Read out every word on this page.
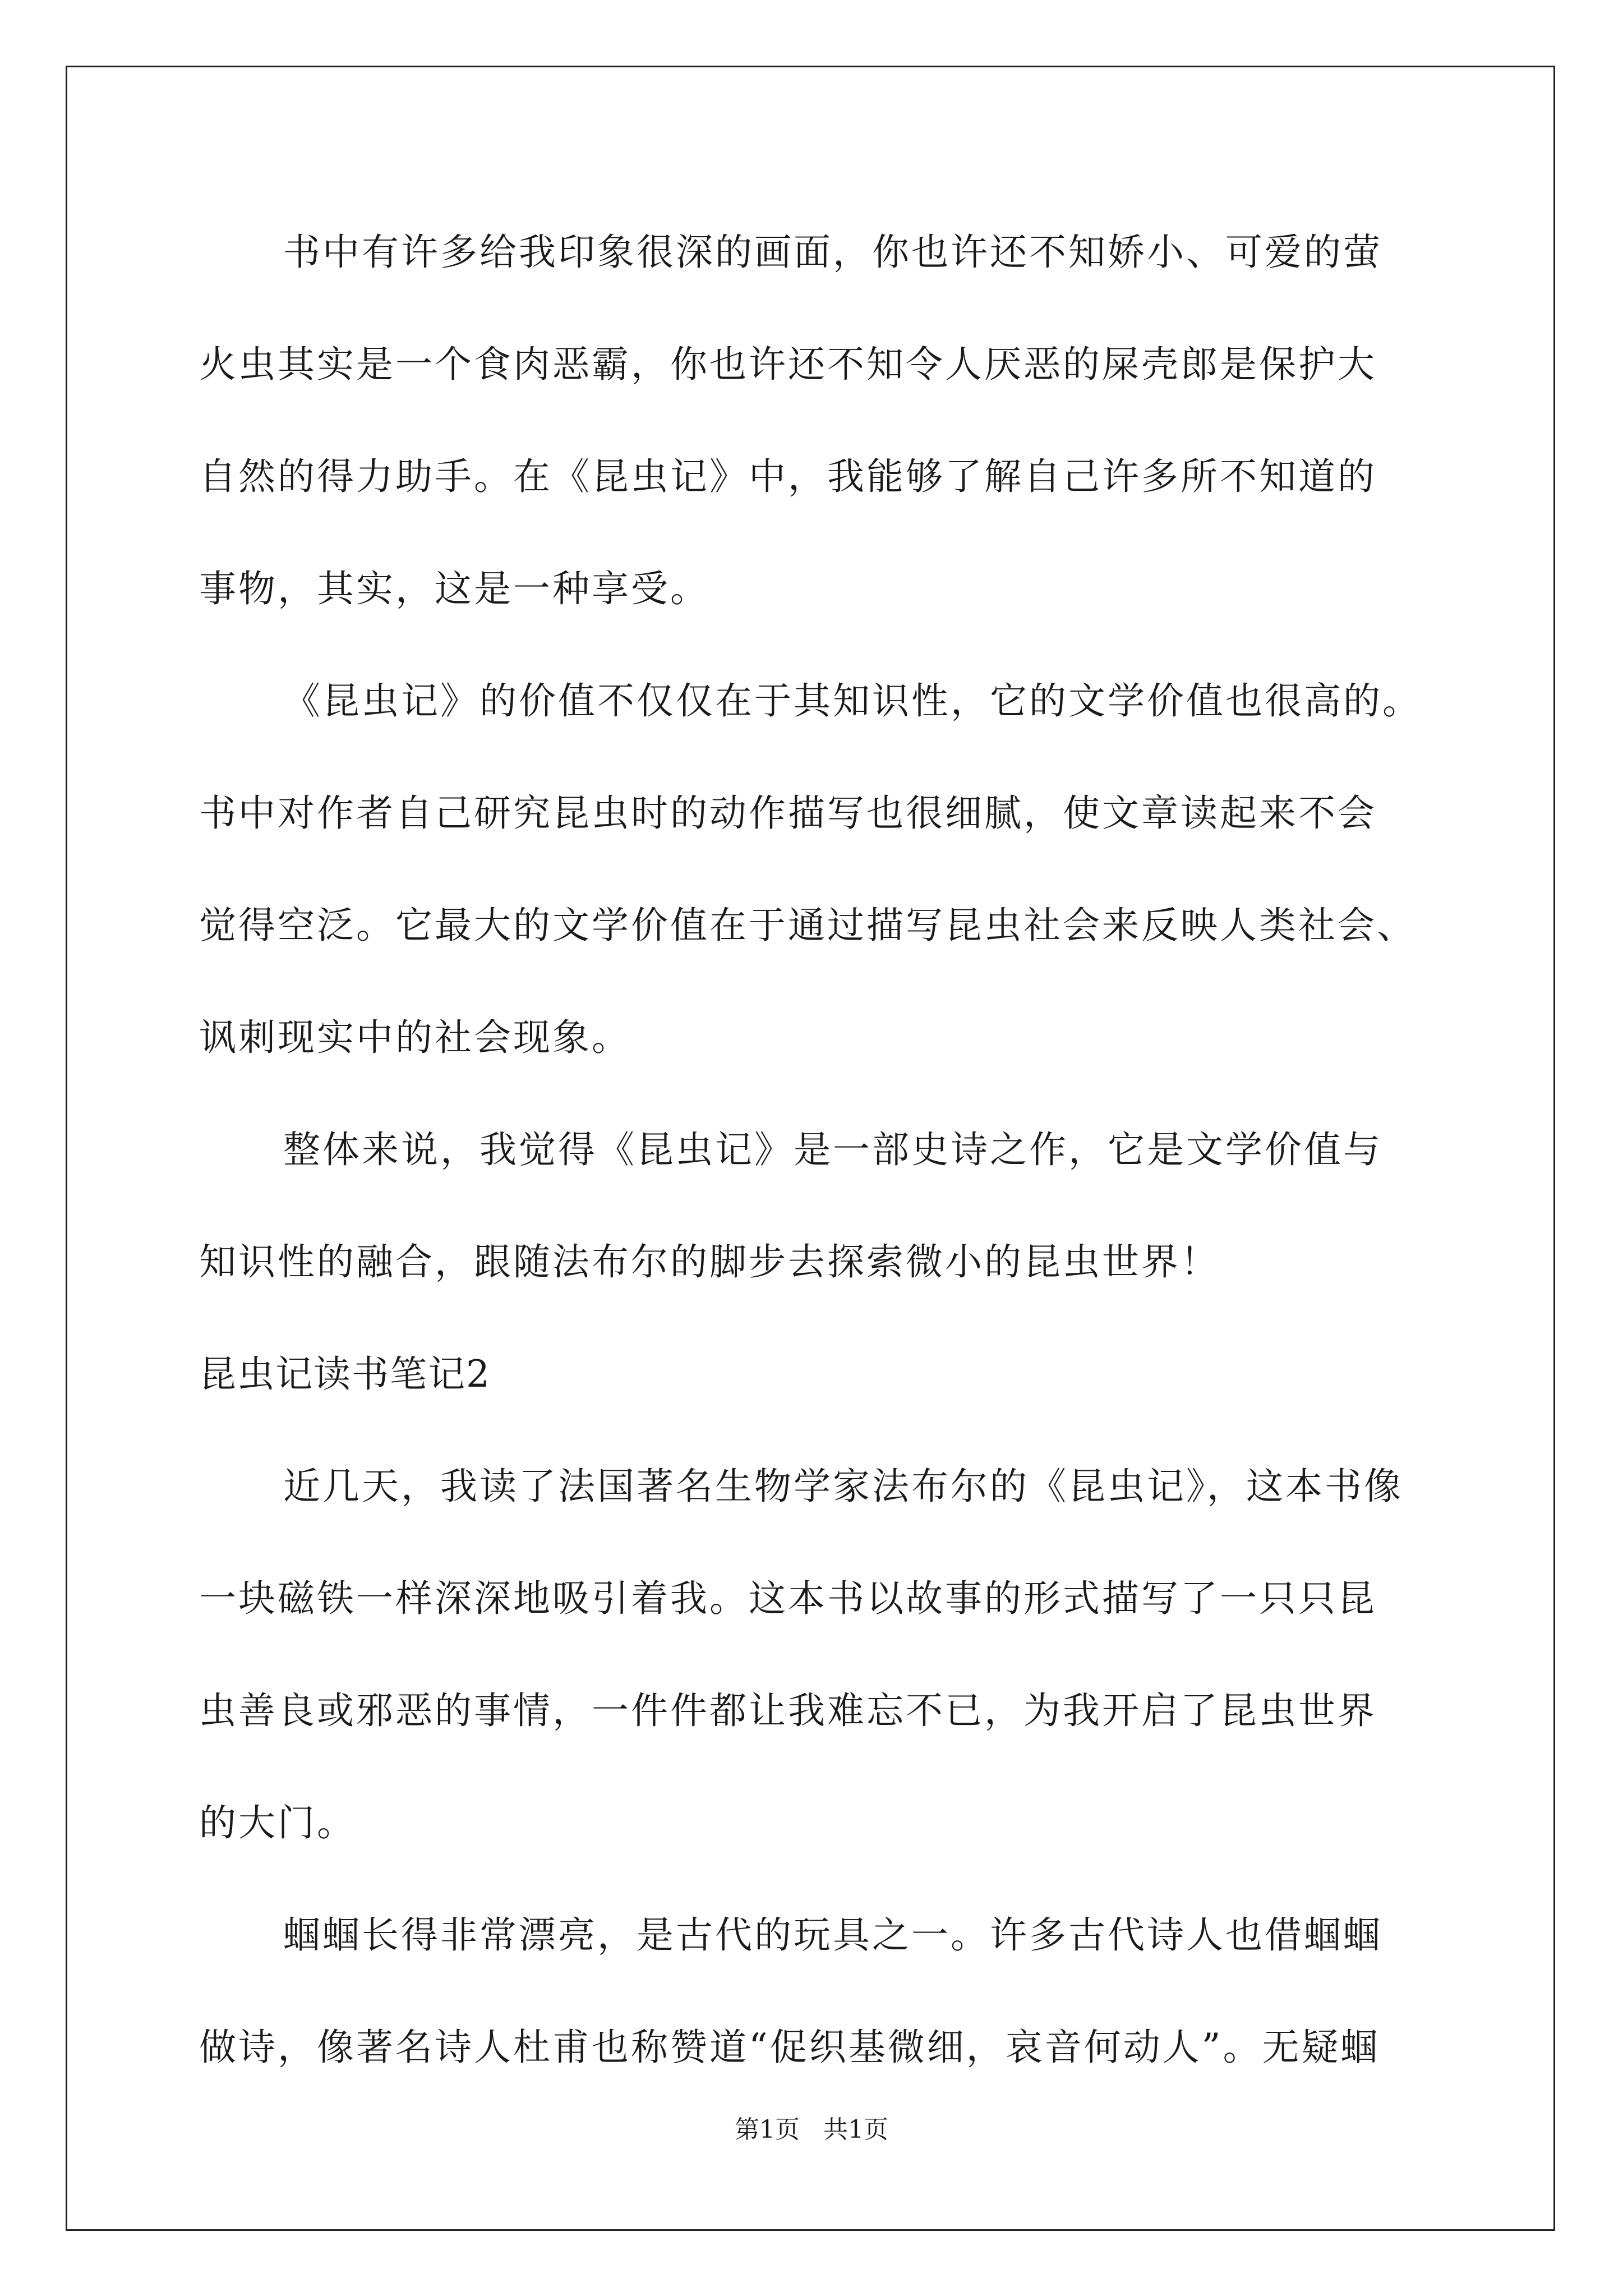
书中有许多给我印象很深的画面，你也许还不知娇小、可爱的萤
火虫其实是一个食肉恶霸，你也许还不知令人厌恶的屎壳郎是保护大
自然的得力助手。在《昆虫记》中，我能够了解自己许多所不知道的
事物，其实，这是一种享受。
《昆虫记》的价值不仅仅在于其知识性，它的文学价值也很高的。
书中对作者自己研究昆虫时的动作描写也很细腻，使文章读起来不会
觉得空泛。它最大的文学价值在于通过描写昆虫社会来反映人类社会、
讽刺现实中的社会现象。
整体来说，我觉得《昆虫记》是一部史诗之作，它是文学价值与
知识性的融合，跟随法布尔的脚步去探索微小的昆虫世界！
昆虫记读书笔记2
近几天，我读了法国著名生物学家法布尔的《昆虫记》，这本书像
一块磁铁一样深深地吸引着我。这本书以故事的形式描写了一只只昆
虫善良或邪恶的事情，一件件都让我难忘不已，为我开启了昆虫世界
的大门。
蝈蝈长得非常漂亮，是古代的玩具之一。许多古代诗人也借蝈蝈
做诗，像著名诗人杜甫也称赞道“促织基微细，哀音何动人”。无疑蝈
第1页   共1页
